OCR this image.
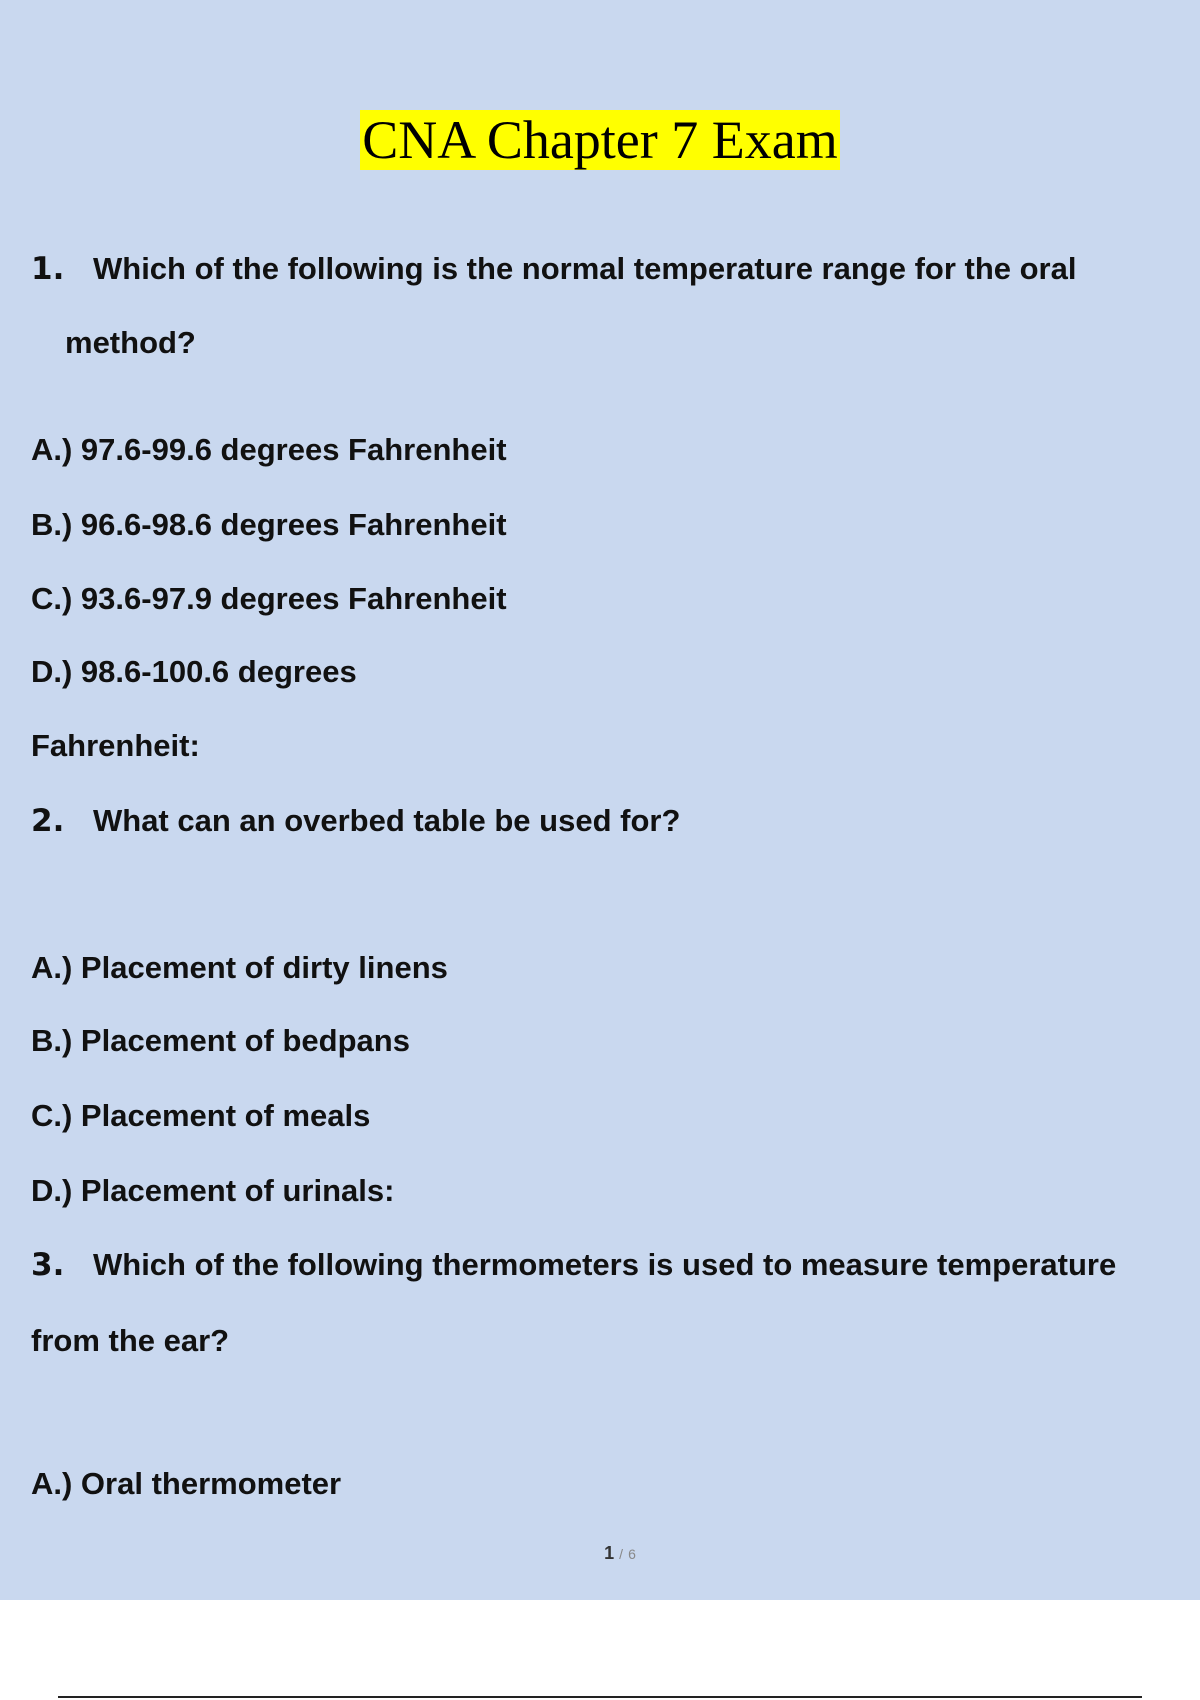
CNA Chapter 7 Exam
1. Which of the following is the normal temperature range for the oral
method?
A.) 97.6-99.6 degrees Fahrenheit
B.) 96.6-98.6 degrees Fahrenheit
C.) 93.6-97.9 degrees Fahrenheit
D.) 98.6-100.6 degrees
Fahrenheit:
2. What can an overbed table be used for?
A.) Placement of dirty linens
B.) Placement of bedpans
C.) Placement of meals
D.) Placement of urinals:
3. Which of the following thermometers is used to measure temperature
from the ear?
A.) Oral thermometer
1 / 6
